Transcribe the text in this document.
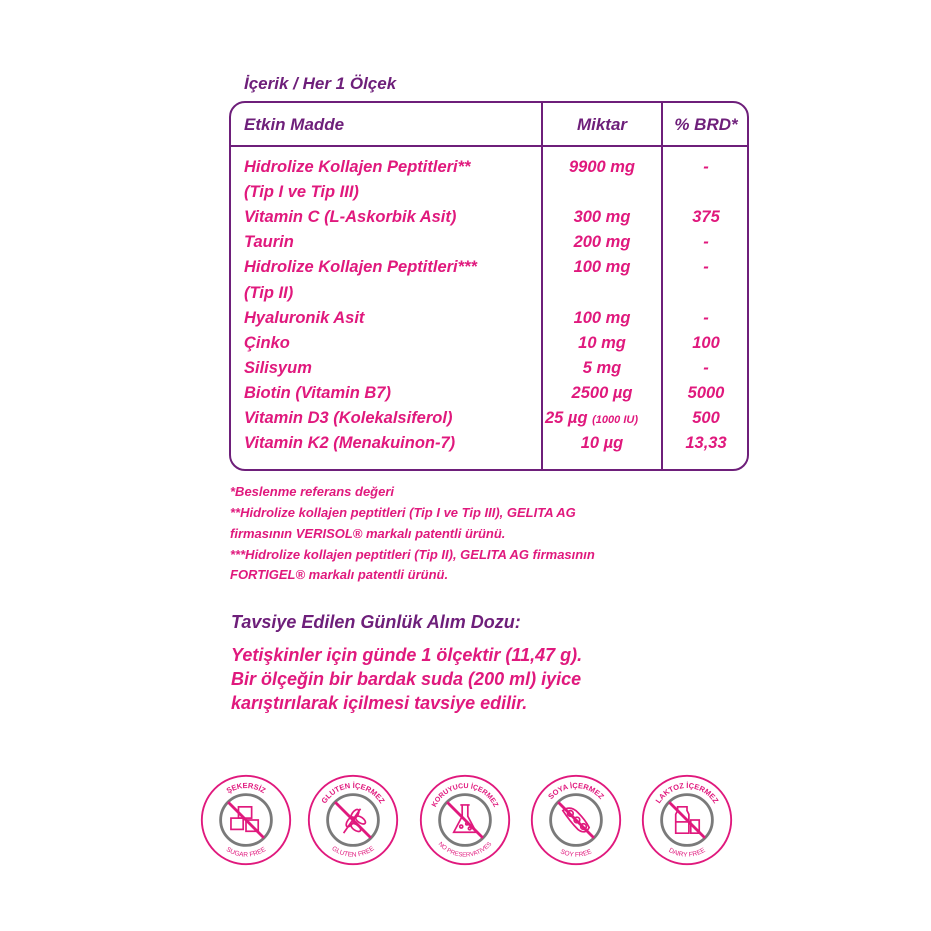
İçerik / Her 1 Ölçek
Etkin Madde	Miktar	% BRD*
Hidrolize Kollajen Peptitleri**
(Tip I ve Tip III)
9900 mg	-
Vitamin C (L-Askorbik Asit)	300 mg	375
Taurin	200 mg	-
Hidrolize Kollajen Peptitleri***
(Tip II)
100 mg	-
Hyaluronik Asit	100 mg	-
Çinko	10 mg	100
Silisyum	5 mg	-
Biotin (Vitamin B7)	2500 µg	5000
Vitamin D3 (Kolekalsiferol)	25 µg (1000 IU)	500
Vitamin K2 (Menakuinon-7)	10 µg	13,33
*Beslenme referans değeri
**Hidrolize kollajen peptitleri (Tip I ve Tip III), GELITA AG
firmasının VERISOL® markalı patentli ürünü.
***Hidrolize kollajen peptitleri (Tip II), GELITA AG firmasının
FORTIGEL® markalı patentli ürünü.
Tavsiye Edilen Günlük Alım Dozu:
Yetişkinler için günde 1 ölçektir (11,47 g).
Bir ölçeğin bir bardak suda (200 ml) iyice
karıştırılarak içilmesi tavsiye edilir.
ŞEKERSİZ
SUGAR FREE
GLUTEN İÇERMEZ
GLUTEN FREE
KORUYUCU İÇERMEZ
NO PRESERVATIVES
SOYA İÇERMEZ
SOY FREE
LAKTOZ İÇERMEZ
DAIRY FREE
